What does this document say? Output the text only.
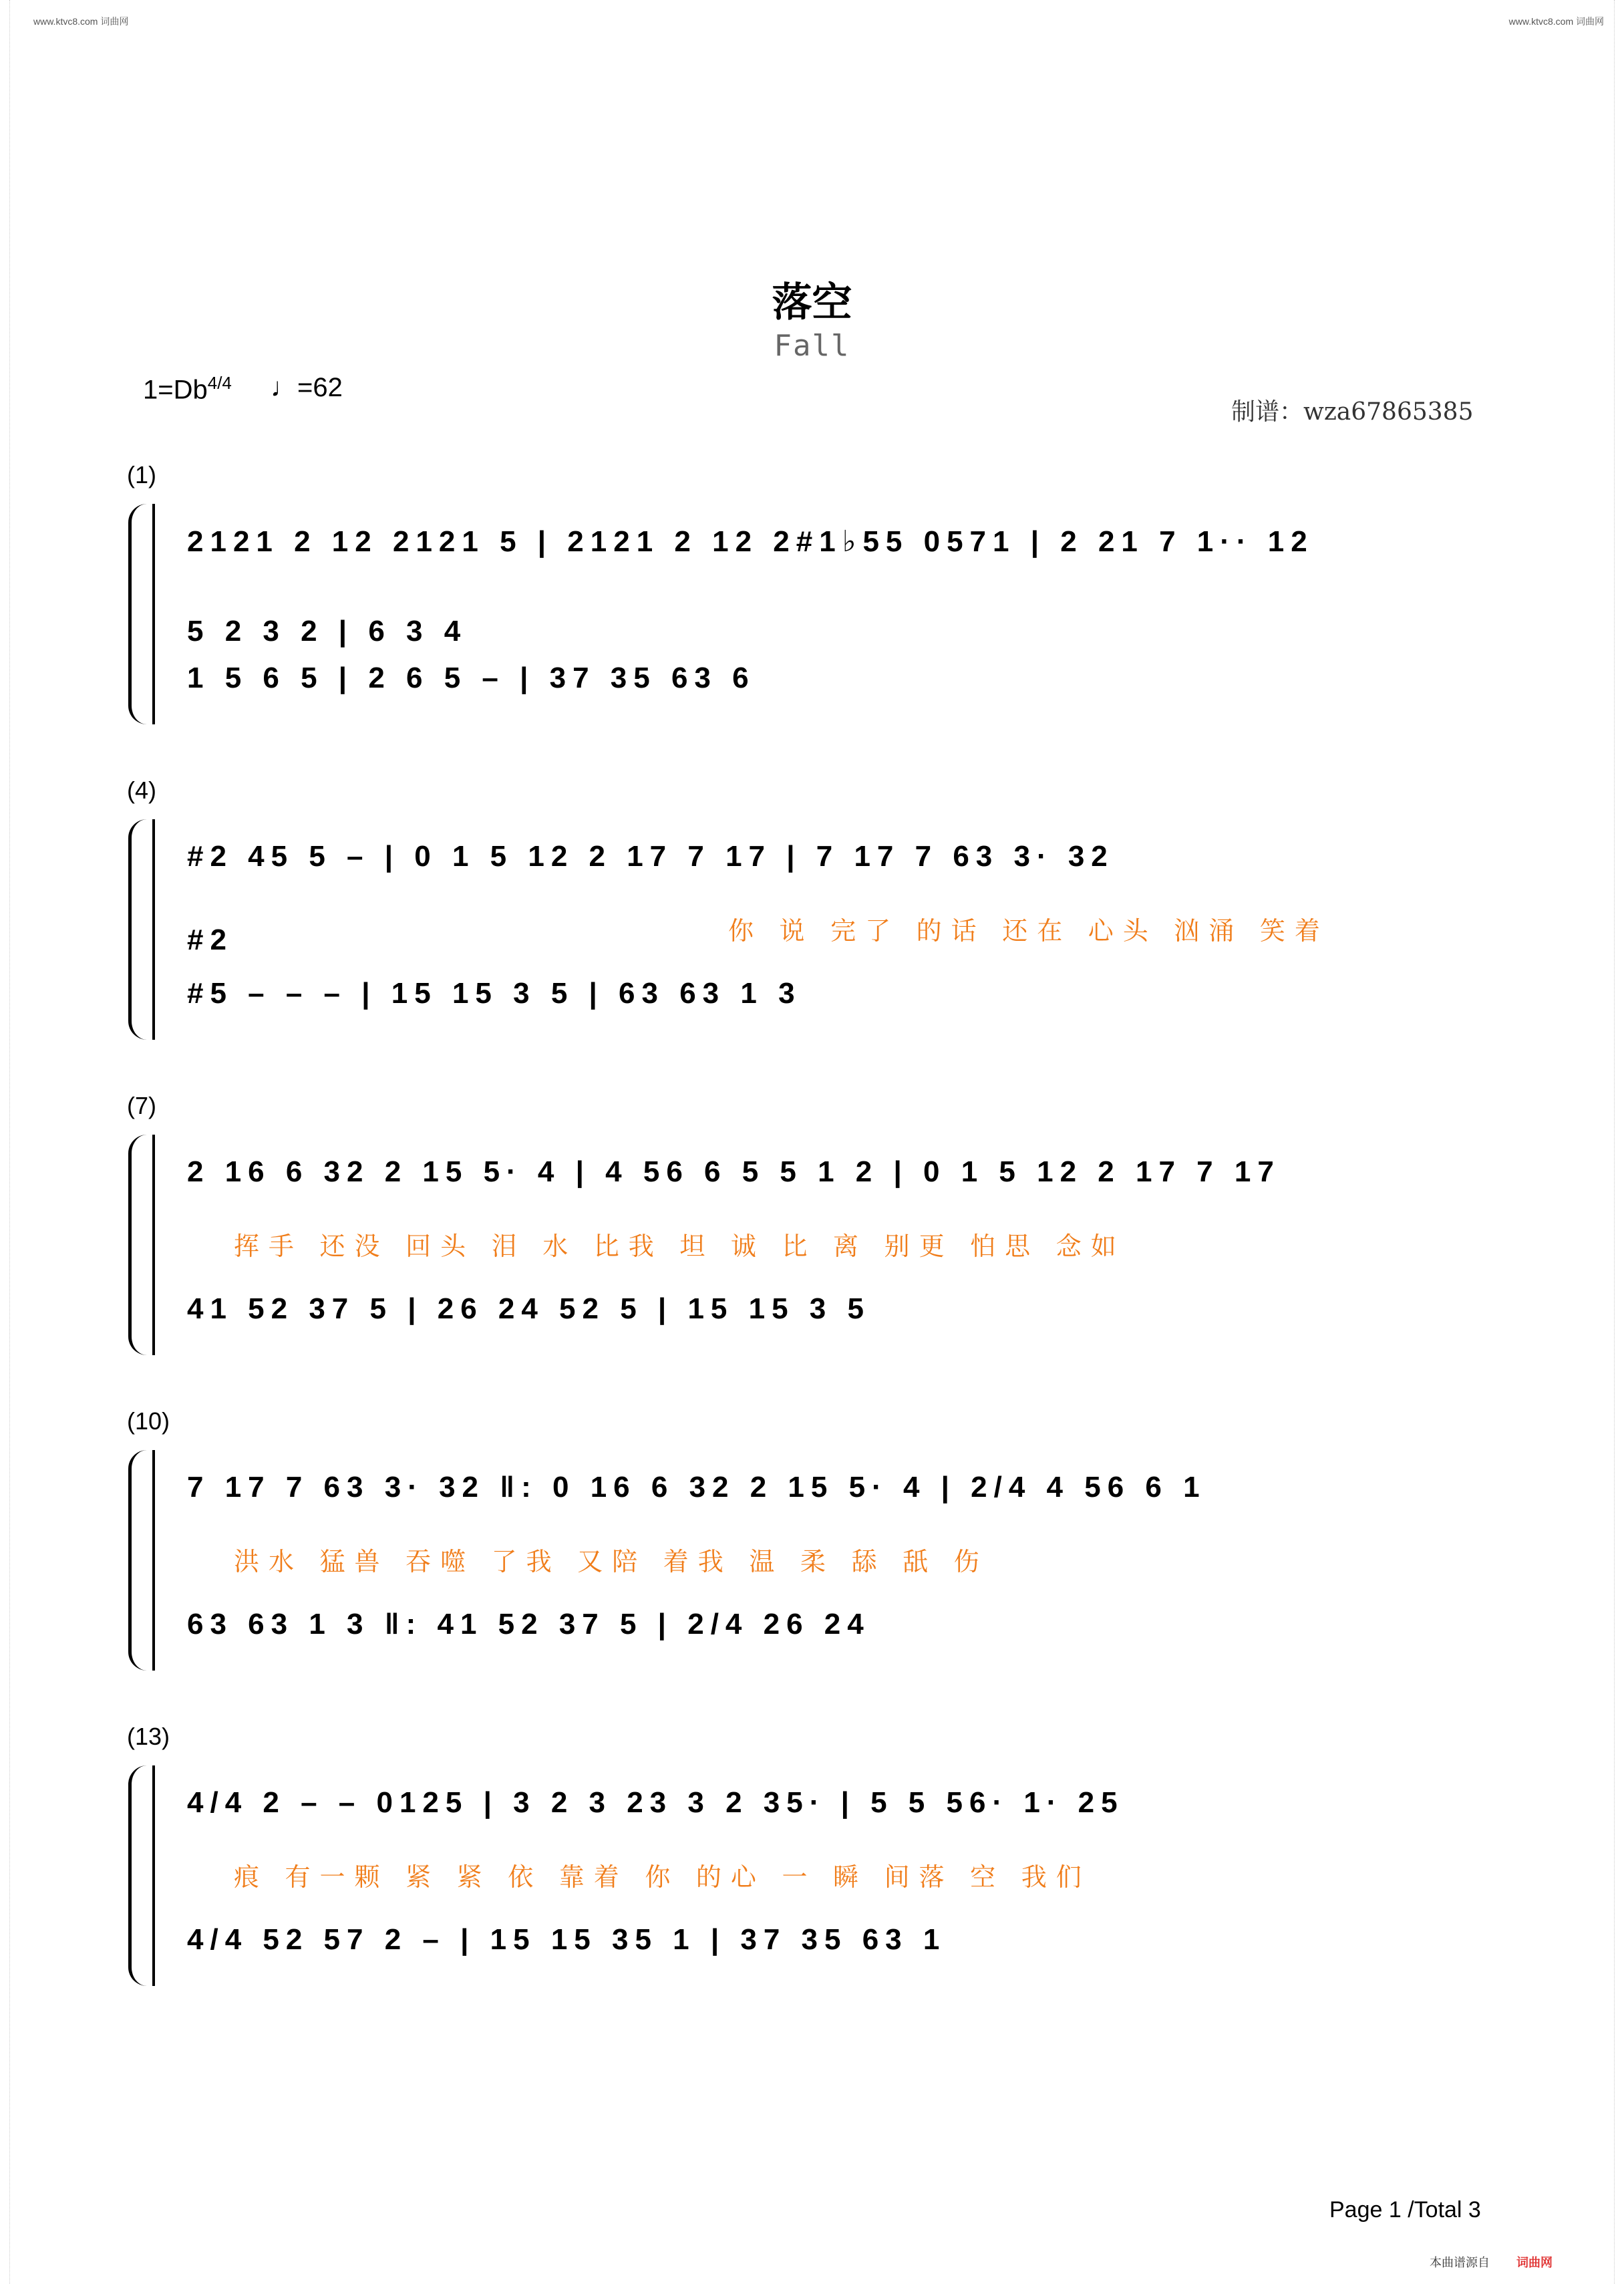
www.ktvc8.com 词曲网	www.ktvc8.com 词曲网
落空
Fall
$1=Db^{4/4}$ ♩=62
制谱：wza67865385
(1)
2121 2 12 2121 5 | 2121 2 12 2#1♭55 0571 | 2 21 7 1·· 12
5 2 3 2 | 6 3 4
1 5 6 5 | 2 6 5 – | 37 35 63 6
(4)
#2 45 5 – | 0 1 5 12 2 17 7 17 | 7 17 7 63 3· 32
#2
#5 – – – | 15 15 3 5 | 63 63 1 3
你 说 完了 的话 还在 心头 汹涌 笑着
(7)
2 16 6 32 2 15 5· 4 | 4 56 6 5 5 1 2 | 0 1 5 12 2 17 7 17
41 52 37 5 | 26 24 52 5 | 15 15 3 5
挥手 还没 回头 泪 水 比我 坦 诚 比 离 别更 怕思 念如
(10)
7 17 7 63 3· 32 ‖: 0 16 6 32 2 15 5· 4 | 2/4 4 56 6 1
63 63 1 3 ‖: 41 52 37 5 | 2/4 26 24
洪水 猛兽 吞噬 了我 又陪 着我 温 柔 舔 舐 伤
(13)
4/4 2 – – 0125 | 3 2 3 23 3 2 35· | 5 5 56· 1· 25
4/4 52 57 2 – | 15 15 35 1 | 37 35 63 1
痕 有一颗 紧 紧 依 靠着 你 的心 一 瞬 间落 空 我们
Page 1 /Total 3
本曲谱源自 词曲网
